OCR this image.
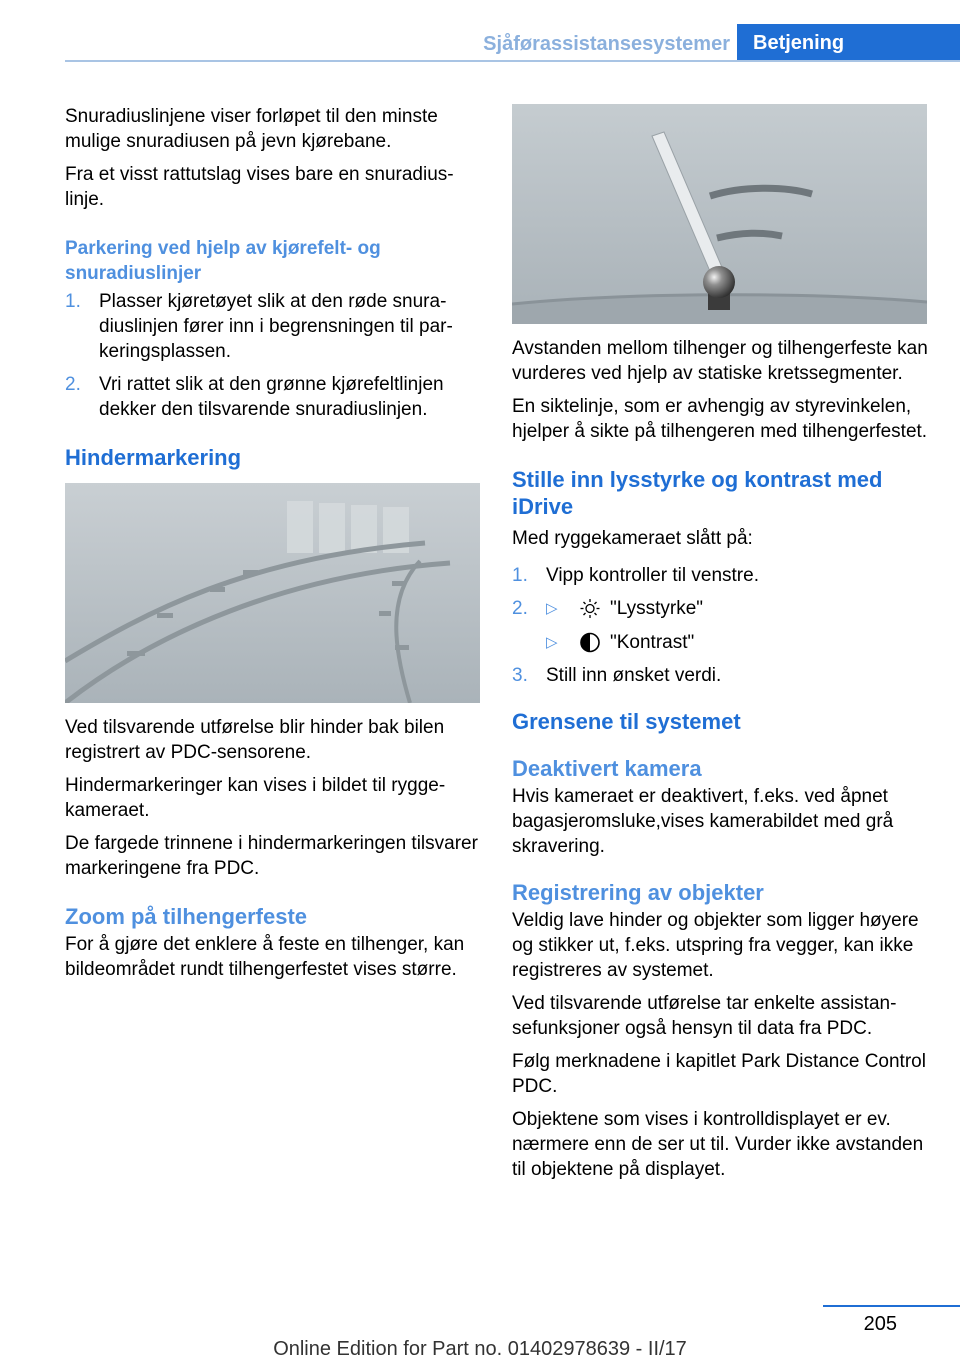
Sjåførassistansesystemer	Betjening

Snuradiuslinjene viser forløpet til den minste mulige snuradiusen på jevn kjørebane.

Fra et visst rattutslag vises bare en snuradius-linje.

Parkering ved hjelp av kjørefelt- og snuradiuslinjer
1. Plasser kjøretøyet slik at den røde snuradiuslinjen fører inn i begrensningen til parkeringsplassen.
2. Vri rattet slik at den grønne kjørefeltlinjen dekker den tilsvarende snuradiuslinjen.
Hindermarkering

Ved tilsvarende utførelse blir hinder bak bilen registrert av PDC-sensorene.

Hindermarkeringer kan vises i bildet til ryggekameraet.

De fargede trinnene i hindermarkeringen tilsvarer markeringene fra PDC.

Zoom på tilhengerfeste

For å gjøre det enklere å feste en tilhenger, kan bildeområdet rundt tilhengerfestet vises større.

Avstanden mellom tilhenger og tilhengerfeste kan vurderes ved hjelp av statiske kretssegmenter.

En siktelinje, som er avhengig av styrevinkelen, hjelper å sikte på tilhengeren med tilhengerfestet.

Stille inn lysstyrke og kontrast med iDrive

Med ryggekameraet slått på:

1. Vipp kontroller til venstre.
2. ▷	"Lysstyrke"
▷	"Kontrast"
3. Still inn ønsket verdi.
Grensene til systemet
Deaktivert kamera

Hvis kameraet er deaktivert, f.eks. ved åpnet bagasjeromsluke,vises kamerabildet med grå skravering.

Registrering av objekter

Veldig lave hinder og objekter som ligger høyere og stikker ut, f.eks. utspring fra vegger, kan ikke registreres av systemet.

Ved tilsvarende utførelse tar enkelte assistansefunksjoner også hensyn til data fra PDC.

Følg merknadene i kapitlet Park Distance Control PDC.

Objektene som vises i kontrolldisplayet er ev. nærmere enn de ser ut til. Vurder ikke avstanden til objektene på displayet.

205
Online Edition for Part no. 01402978639 - II/17
